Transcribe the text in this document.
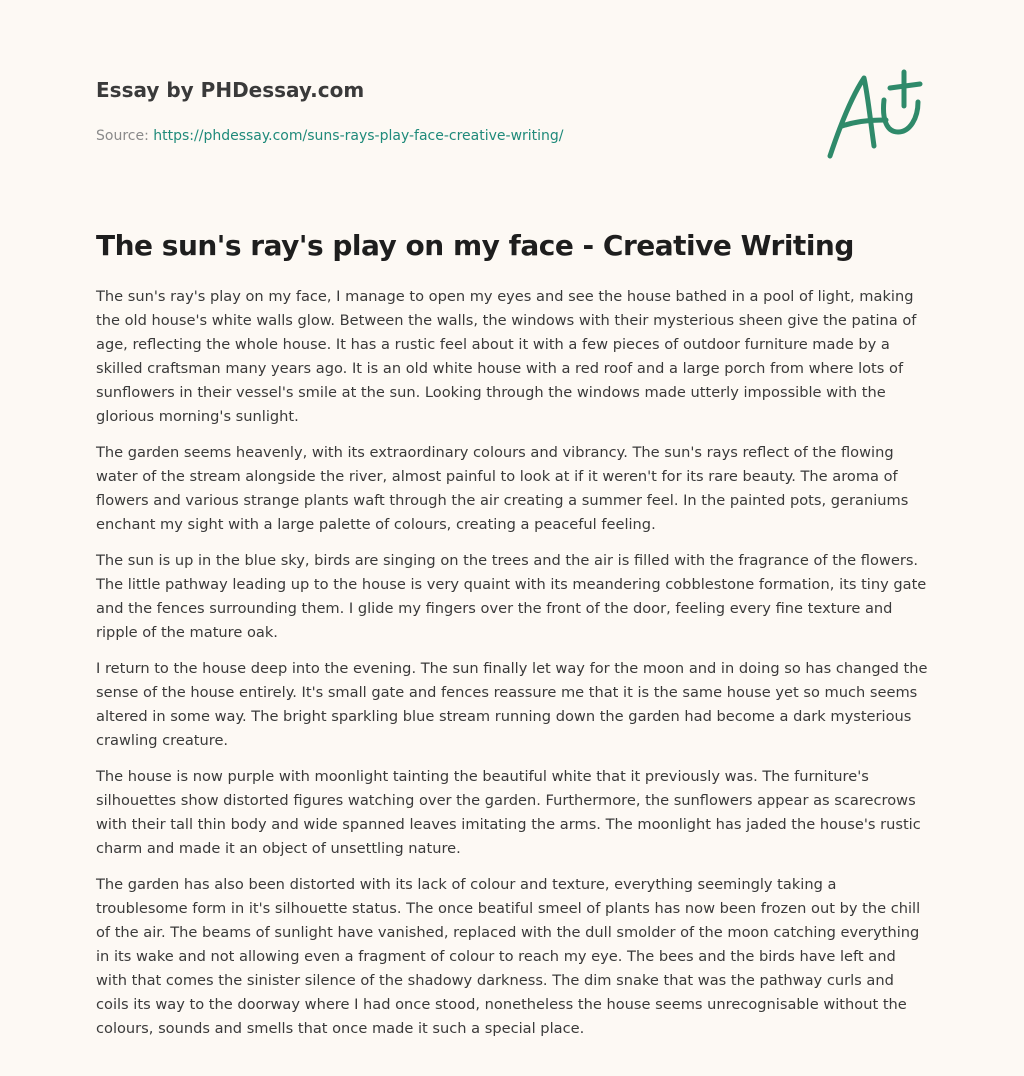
Essay by PHDessay.com
Source: https://phdessay.com/suns-rays-play-face-creative-writing/
The sun's ray's play on my face - Creative Writing

The sun's ray's play on my face, I manage to open my eyes and see the house bathed in a pool of light, making the old house's white walls glow. Between the walls, the windows with their mysterious sheen give the patina of age, reflecting the whole house. It has a rustic feel about it with a few pieces of outdoor furniture made by a skilled craftsman many years ago. It is an old white house with a red roof and a large porch from where lots of sunflowers in their vessel's smile at the sun. Looking through the windows made utterly impossible with the glorious morning's sunlight.

The garden seems heavenly, with its extraordinary colours and vibrancy. The sun's rays reflect of the flowing water of the stream alongside the river, almost painful to look at if it weren't for its rare beauty. The aroma of flowers and various strange plants waft through the air creating a summer feel. In the painted pots, geraniums enchant my sight with a large palette of colours, creating a peaceful feeling.

The sun is up in the blue sky, birds are singing on the trees and the air is filled with the fragrance of the flowers. The little pathway leading up to the house is very quaint with its meandering cobblestone formation, its tiny gate and the fences surrounding them. I glide my fingers over the front of the door, feeling every fine texture and ripple of the mature oak.

I return to the house deep into the evening. The sun finally let way for the moon and in doing so has changed the sense of the house entirely. It's small gate and fences reassure me that it is the same house yet so much seems altered in some way. The bright sparkling blue stream running down the garden had become a dark mysterious crawling creature.

The house is now purple with moonlight tainting the beautiful white that it previously was. The furniture's silhouettes show distorted figures watching over the garden. Furthermore, the sunflowers appear as scarecrows with their tall thin body and wide spanned leaves imitating the arms. The moonlight has jaded the house's rustic charm and made it an object of unsettling nature.

The garden has also been distorted with its lack of colour and texture, everything seemingly taking a troublesome form in it's silhouette status. The once beatiful smeel of plants has now been frozen out by the chill of the air. The beams of sunlight have vanished, replaced with the dull smolder of the moon catching everything in its wake and not allowing even a fragment of colour to reach my eye. The bees and the birds have left and with that comes the sinister silence of the shadowy darkness. The dim snake that was the pathway curls and coils its way to the doorway where I had once stood, nonetheless the house seems unrecognisable without the colours, sounds and smells that once made it such a special place.
